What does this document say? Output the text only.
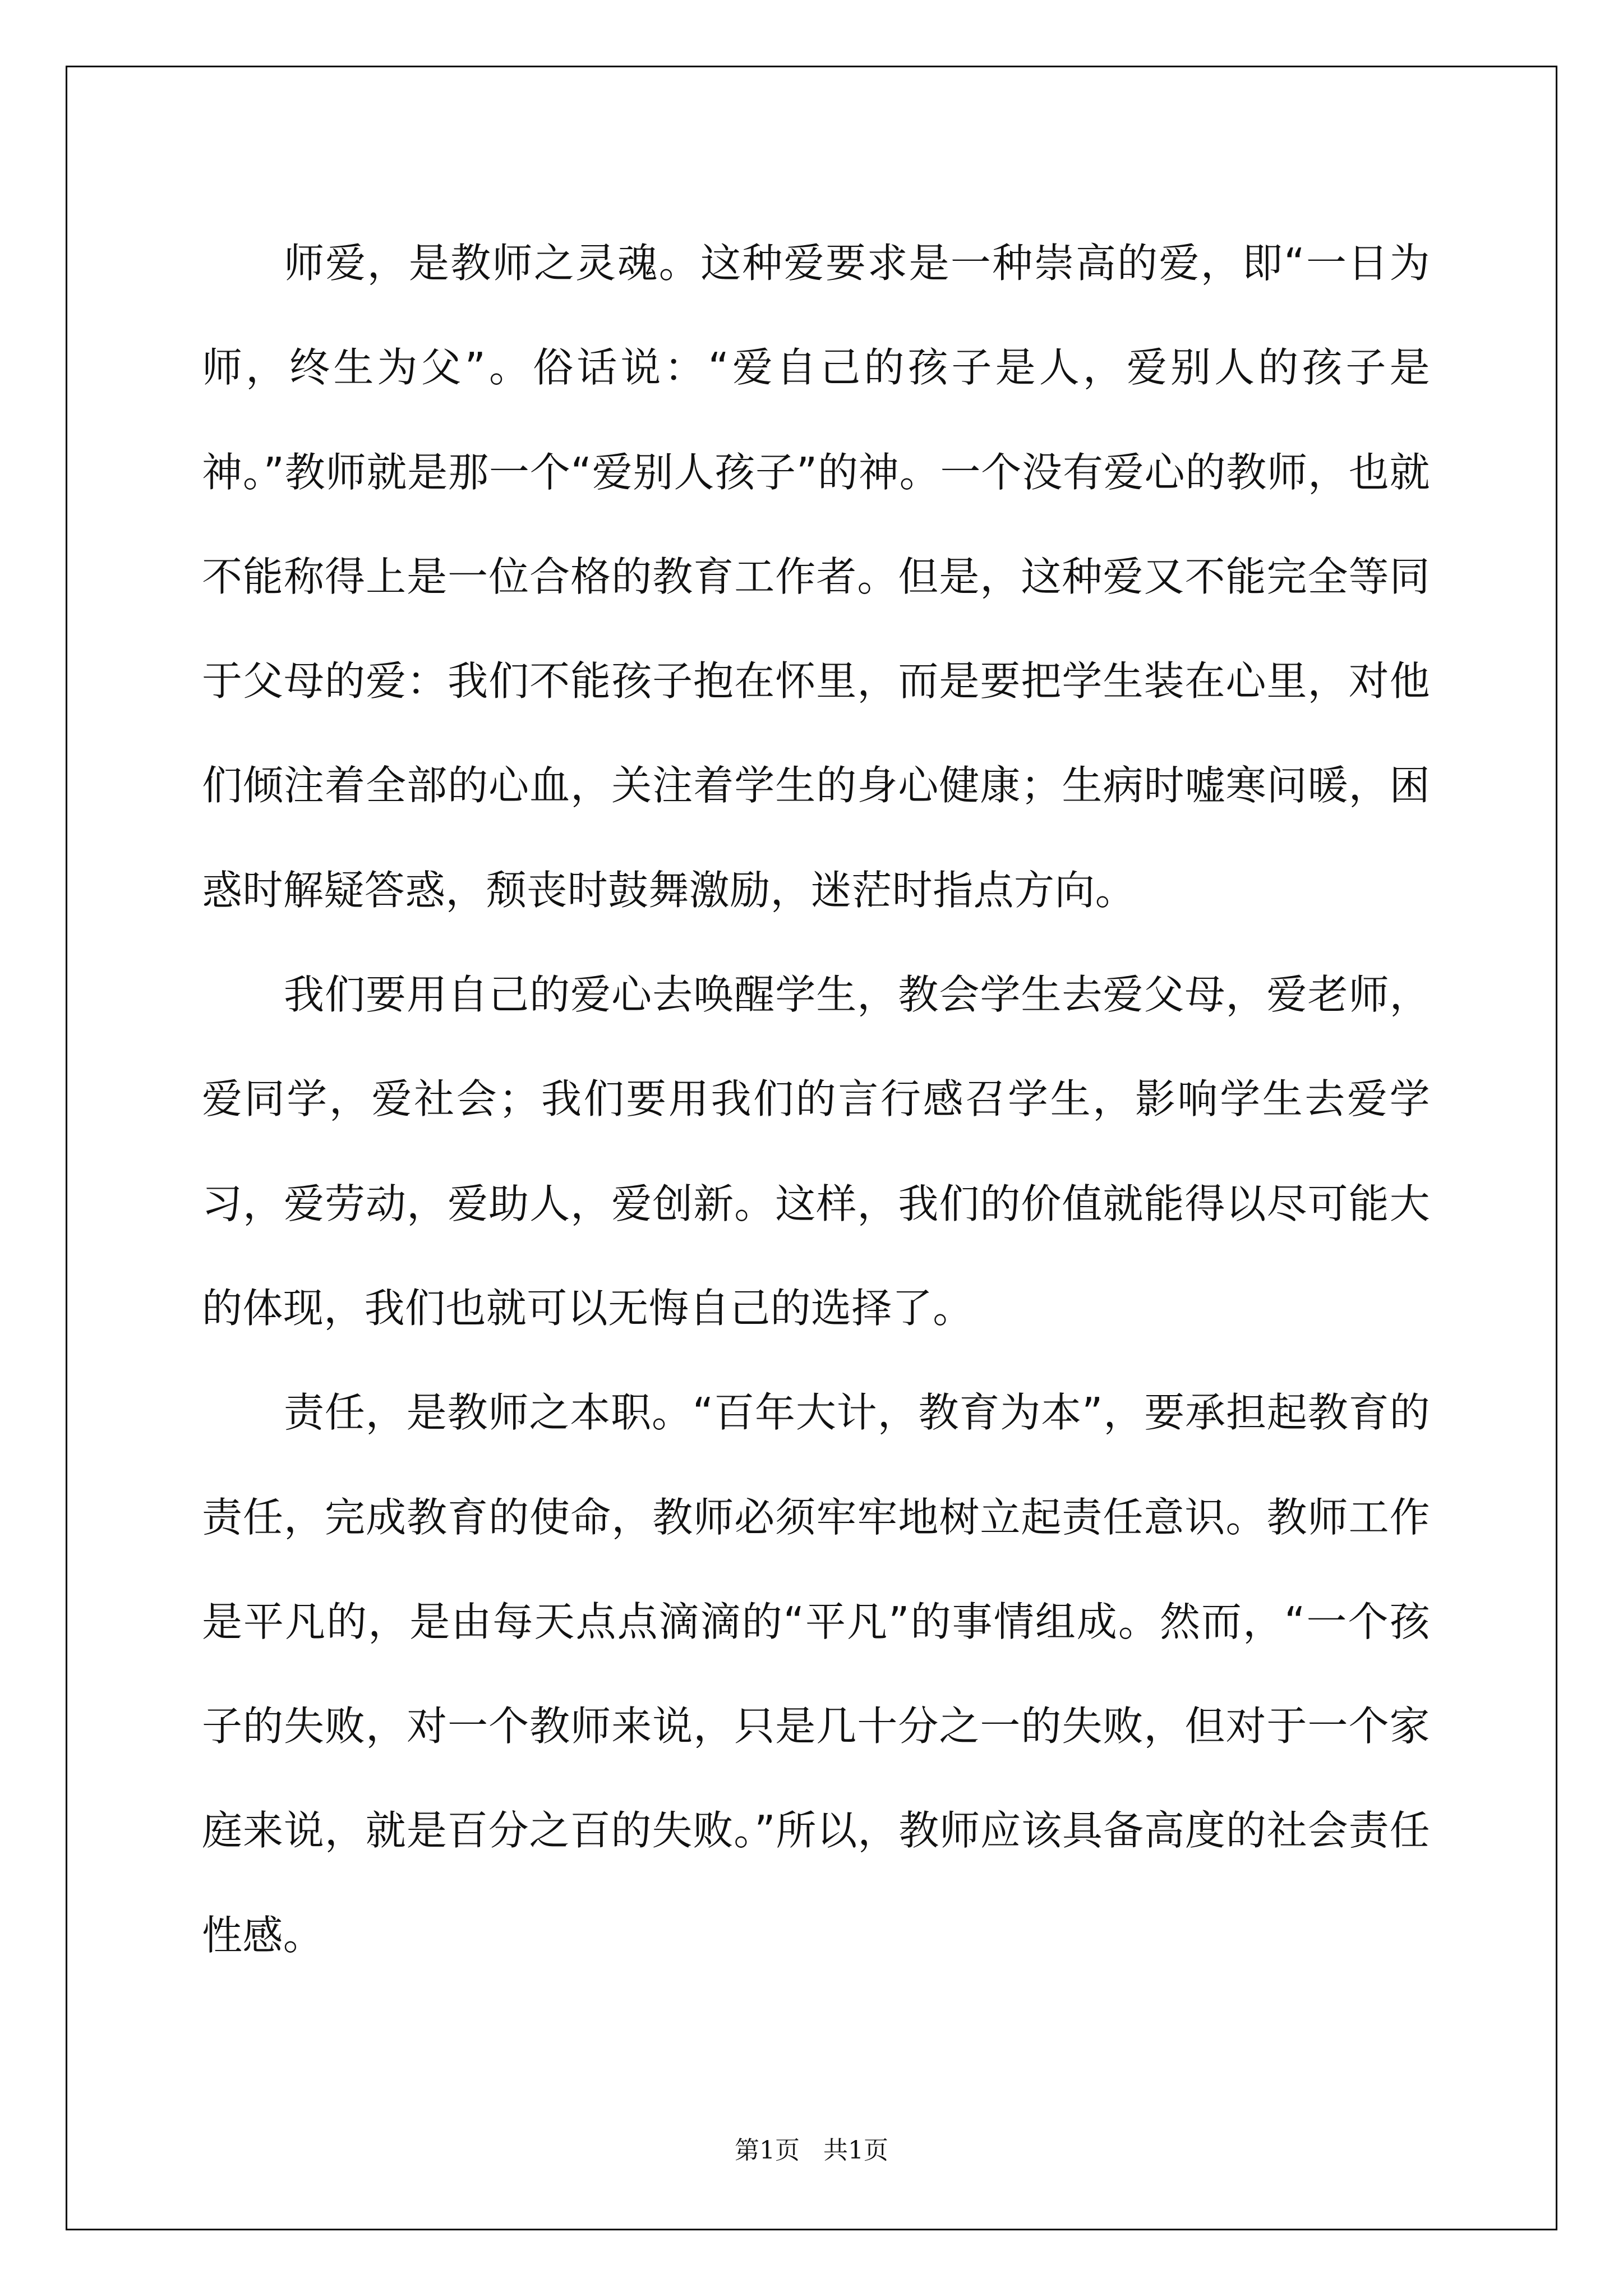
师爱，是教师之灵魂。这种爱要求是一种崇高的爱，即“一日为师，终生为父”。俗话说：“爱自己的孩子是人，爱别人的孩子是神。”教师就是那一个“爱别人孩子”的神。一个没有爱心的教师，也就不能称得上是一位合格的教育工作者。但是，这种爱又不能完全等同于父母的爱：我们不能孩子抱在怀里，而是要把学生装在心里，对他们倾注着全部的心血，关注着学生的身心健康；生病时嘘寒问暖，困惑时解疑答惑，颓丧时鼓舞激励，迷茫时指点方向。

我们要用自己的爱心去唤醒学生，教会学生去爱父母，爱老师，爱同学，爱社会；我们要用我们的言行感召学生，影响学生去爱学习，爱劳动，爱助人，爱创新。这样，我们的价值就能得以尽可能大的体现，我们也就可以无悔自己的选择了。

责任，是教师之本职。“百年大计，教育为本”，要承担起教育的责任，完成教育的使命，教师必须牢牢地树立起责任意识。教师工作是平凡的，是由每天点点滴滴的“平凡”的事情组成。然而，“一个孩子的失败，对一个教师来说，只是几十分之一的失败，但对于一个家庭来说，就是百分之百的失败。”所以，教师应该具备高度的社会责任性感。

第1页 共1页
